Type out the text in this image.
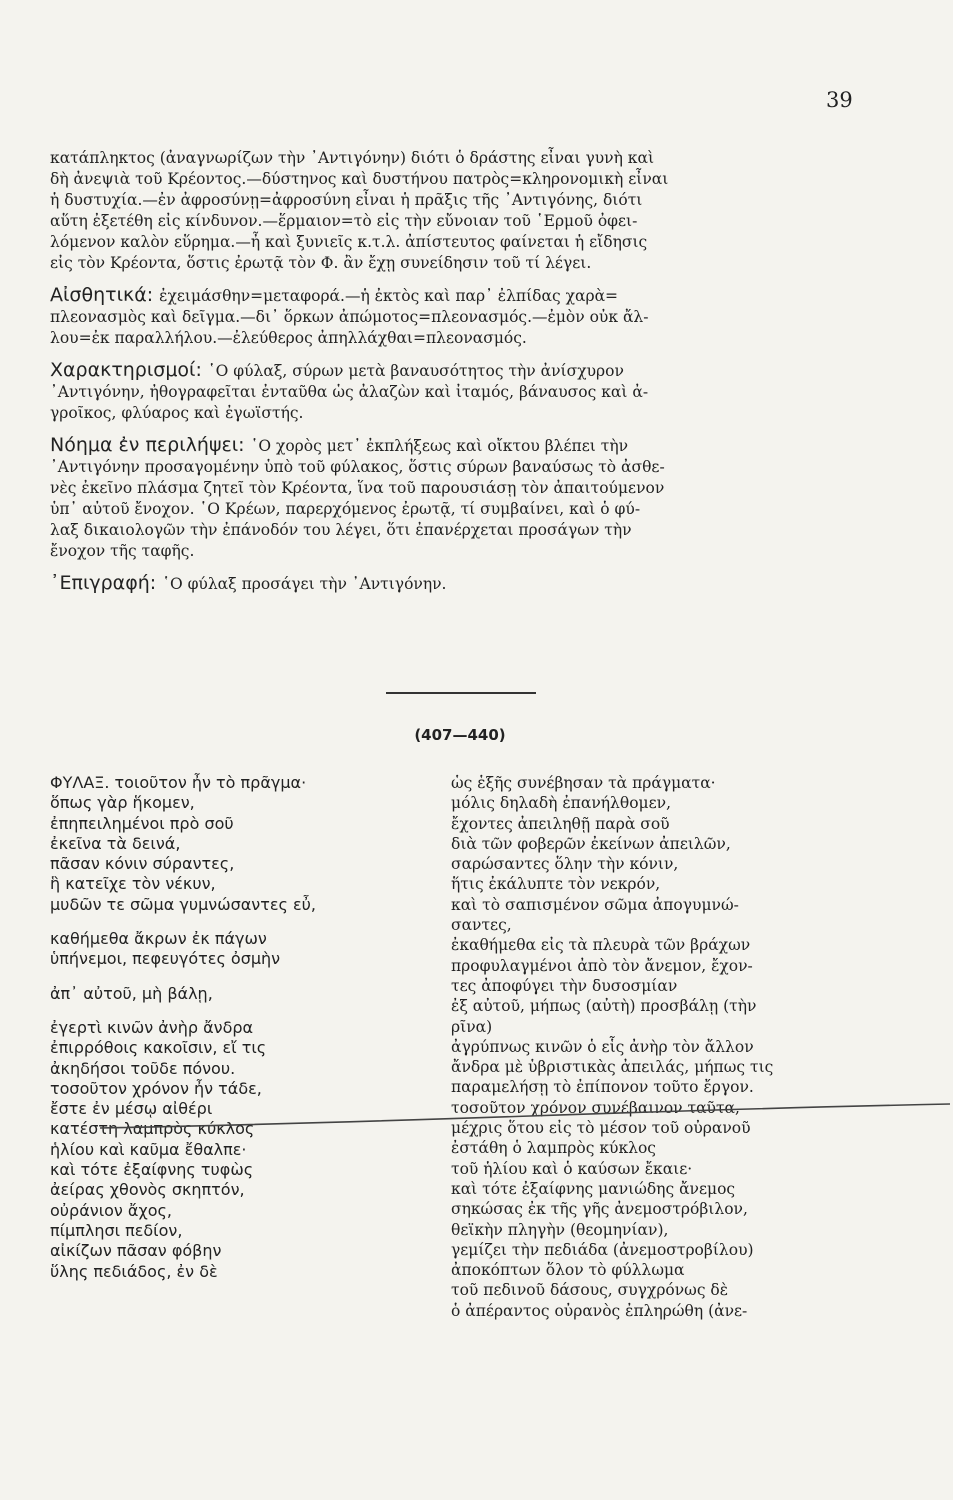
39

κατάπληκτος (ἀναγνωρίζων τὴν ᾿Αντιγόνην) διότι ὁ δράστης εἶναι γυνὴ καὶ
δὴ ἀνεψιὰ τοῦ Κρέοντος.—δύστηνος καὶ δυστήνου πατρὸς=κληρονομικὴ εἶναι
ἡ δυστυχία.—ἐν ἀφροσύνῃ=ἀφροσύνη εἶναι ἡ πρᾶξις τῆς ᾿Αντιγόνης, διότι
αὕτη ἐξετέθη εἰς κίνδυνον.—ἕρμαιον=τὸ εἰς τὴν εὔνοιαν τοῦ ῾Ερμοῦ ὀφει-
λόμενον καλὸν εὕρημα.—ἦ καὶ ξυνιεῖς κ.τ.λ. ἀπίστευτος φαίνεται ἡ εἴδησις
εἰς τὸν Κρέοντα, ὅστις ἐρωτᾷ τὸν Φ. ἂν ἔχῃ συνείδησιν τοῦ τί λέγει.

Αἰσθητικά: ἐχειμάσθην=μεταφορά.—ἡ ἐκτὸς καὶ παρ᾿ ἐλπίδας χαρὰ=
πλεονασμὸς καὶ δεῖγμα.—δι᾿ ὅρκων ἀπώμοτος=πλεονασμός.—ἐμὸν οὐκ ἄλ-
λου=ἐκ παραλλήλου.—ἐλεύθερος ἀπηλλάχθαι=πλεονασμός.

Χαρακτηρισμοί: ῾Ο φύλαξ, σύρων μετὰ βαναυσότητος τὴν ἀνίσχυρον
᾿Αντιγόνην, ἠθογραφεῖται ἐνταῦθα ὡς ἀλαζὼν καὶ ἰταμός, βάναυσος καὶ ἀ-
γροῖκος, φλύαρος καὶ ἐγωϊστής.

Νόημα ἐν περιλήψει: ῾Ο χορὸς μετ᾿ ἐκπλήξεως καὶ οἴκτου βλέπει τὴν
᾿Αντιγόνην προσαγομένην ὑπὸ τοῦ φύλακος, ὅστις σύρων βαναύσως τὸ ἀσθε-
νὲς ἐκεῖνο πλάσμα ζητεῖ τὸν Κρέοντα, ἵνα τοῦ παρουσιάσῃ τὸν ἀπαιτούμενον
ὑπ᾿ αὐτοῦ ἔνοχον. ῾Ο Κρέων, παρερχόμενος ἐρωτᾷ, τί συμβαίνει, καὶ ὁ φύ-
λαξ δικαιολογῶν τὴν ἐπάνοδόν του λέγει, ὅτι ἐπανέρχεται προσάγων τὴν
ἔνοχον τῆς ταφῆς.

᾿Επιγραφή: ῾Ο φύλαξ προσάγει τὴν ᾿Αντιγόνην.

(407—440)
ΦΥΛΑΞ. τοιοῦτον ἦν τὸ πρᾶγμα·
ὅπως γὰρ ἥκομεν,
ἐπηπειλημένοι πρὸ σοῦ
ἐκεῖνα τὰ δεινά,
πᾶσαν κόνιν σύραντες,
ἣ κατεῖχε τὸν νέκυν,
μυδῶν τε σῶμα γυμνώσαντες εὖ,
καθήμεθα ἄκρων ἐκ πάγων
ὑπήνεμοι, πεφευγότες ὀσμὴν
ἀπ᾿ αὐτοῦ, μὴ βάλῃ,
ἐγερτὶ κινῶν ἀνὴρ ἄνδρα
ἐπιρρόθοις κακοῖσιν, εἴ τις
ἀκηδήσοι τοῦδε πόνου.
τοσοῦτον χρόνον ἦν τάδε,
ἔστε ἐν μέσῳ αἰθέρι
κατέστη λαμπρὸς κύκλος
ἡλίου καὶ καῦμα ἔθαλπε·
καὶ τότε ἐξαίφνης τυφὼς
ἀείρας χθονὸς σκηπτόν,
οὐράνιον ἄχος,
πίμπλησι πεδίον,
αἰκίζων πᾶσαν φόβην
ὕλης πεδιάδος, ἐν δὲ
ὡς ἑξῆς συνέβησαν τὰ πράγματα·
μόλις δηλαδὴ ἐπανήλθομεν,
ἔχοντες ἀπειληθῇ παρὰ σοῦ
διὰ τῶν φοβερῶν ἐκείνων ἀπειλῶν,
σαρώσαντες ὅλην τὴν κόνιν,
ἥτις ἐκάλυπτε τὸν νεκρόν,
καὶ τὸ σαπισμένον σῶμα ἀπογυμνώ-
σαντες,
ἐκαθήμεθα εἰς τὰ πλευρὰ τῶν βράχων
προφυλαγμένοι ἀπὸ τὸν ἄνεμον, ἔχον-
τες ἀποφύγει τὴν δυσοσμίαν
ἐξ αὐτοῦ, μήπως (αὐτὴ) προσβάλῃ (τὴν
ρῖνα)
ἀγρύπνως κινῶν ὁ εἷς ἀνὴρ τὸν ἄλλον
ἄνδρα μὲ ὑβριστικὰς ἀπειλάς, μήπως τις
παραμελήσῃ τὸ ἐπίπονον τοῦτο ἔργον.
τοσοῦτον χρόνον συνέβαινον ταῦτα,
μέχρις ὅτου εἰς τὸ μέσον τοῦ οὐρανοῦ
ἐστάθη ὁ λαμπρὸς κύκλος
τοῦ ἡλίου καὶ ὁ καύσων ἔκαιε·
καὶ τότε ἐξαίφνης μανιώδης ἄνεμος
σηκώσας ἐκ τῆς γῆς ἀνεμοστρόβιλον,
θεϊκὴν πληγὴν (θεομηνίαν),
γεμίζει τὴν πεδιάδα (ἀνεμοστροβίλου)
ἀποκόπτων ὅλον τὸ φύλλωμα
τοῦ πεδινοῦ δάσους, συγχρόνως δὲ
ὁ ἀπέραντος οὐρανὸς ἐπληρώθη (ἀνε-
